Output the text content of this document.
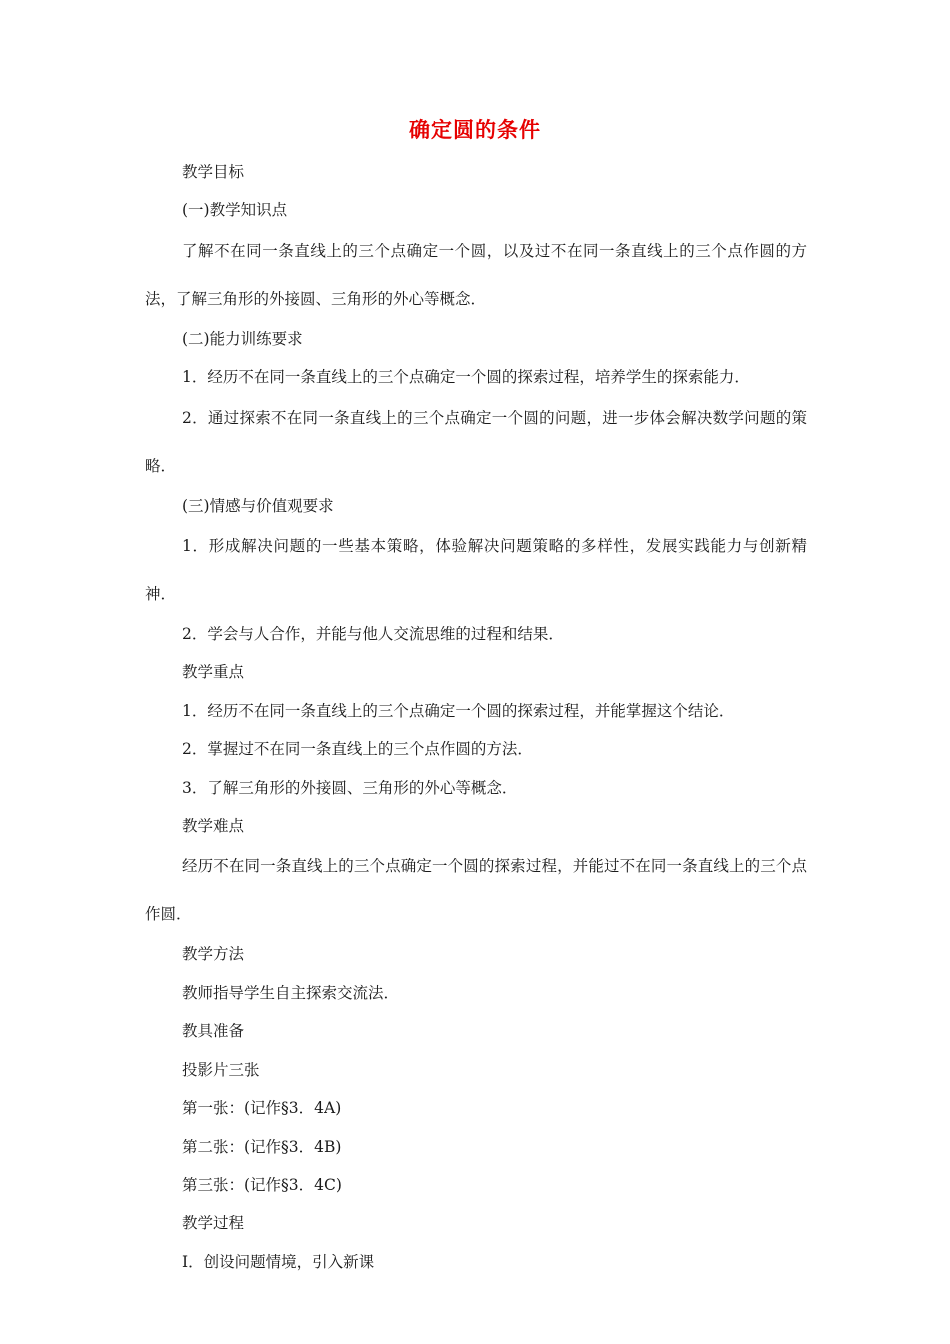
确定圆的条件

教学目标

(一)教学知识点

了解不在同一条直线上的三个点确定一个圆，以及过不在同一条直线上的三个点作圆的方法，了解三角形的外接圆、三角形的外心等概念．

(二)能力训练要求

1．经历不在同一条直线上的三个点确定一个圆的探索过程，培养学生的探索能力．

2．通过探索不在同一条直线上的三个点确定一个圆的问题，进一步体会解决数学问题的策略．

(三)情感与价值观要求

1．形成解决问题的一些基本策略，体验解决问题策略的多样性，发展实践能力与创新精神．

2．学会与人合作，并能与他人交流思维的过程和结果．

教学重点

1．经历不在同一条直线上的三个点确定一个圆的探索过程，并能掌握这个结论．

2．掌握过不在同一条直线上的三个点作圆的方法．

3．了解三角形的外接圆、三角形的外心等概念．

教学难点

经历不在同一条直线上的三个点确定一个圆的探索过程，并能过不在同一条直线上的三个点作圆．

教学方法

教师指导学生自主探索交流法．

教具准备

投影片三张

第一张：(记作§3．4A)

第二张：(记作§3．4B)

第三张：(记作§3．4C)

教学过程

Ⅰ．创设问题情境，引入新课
